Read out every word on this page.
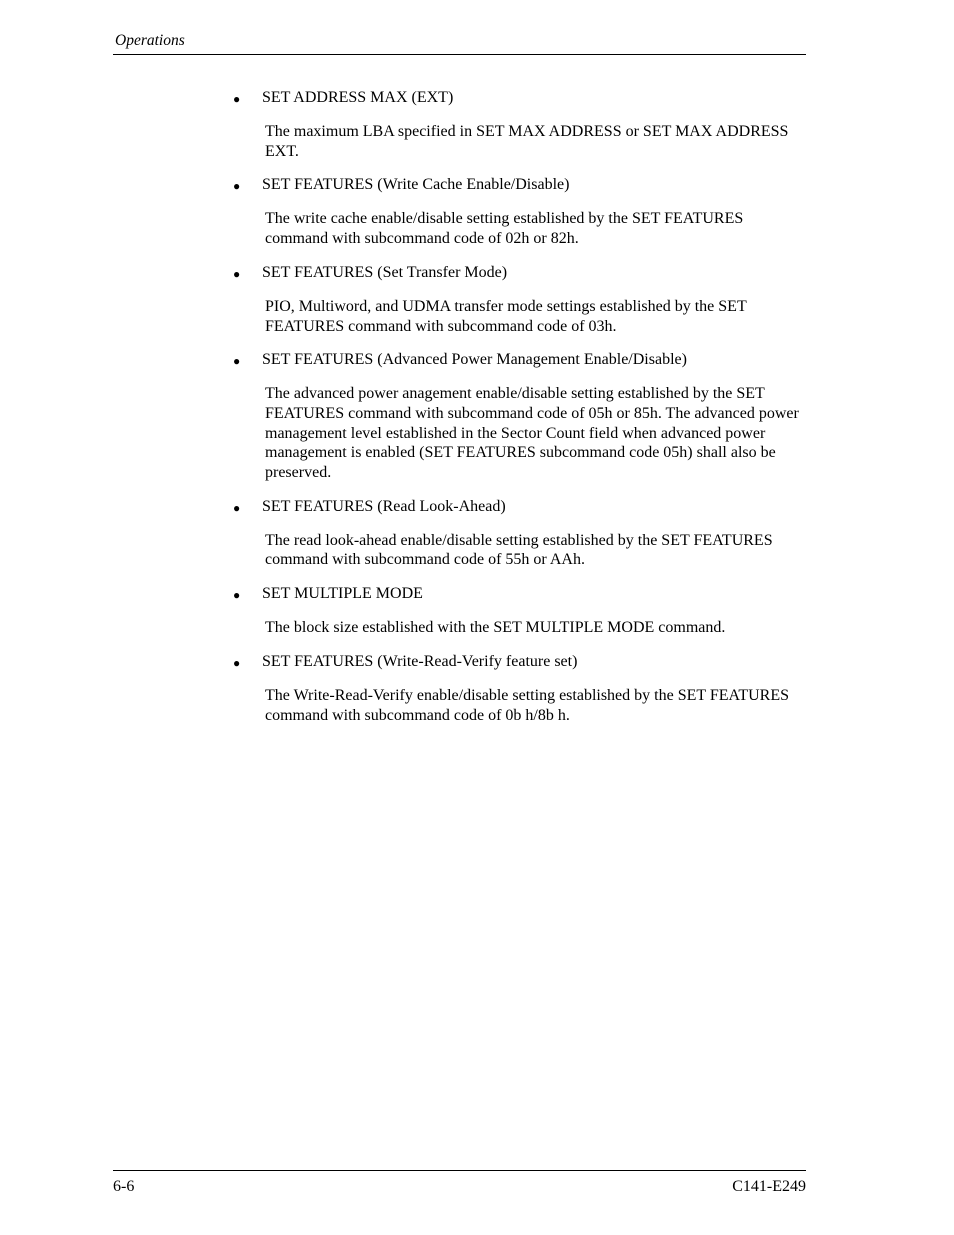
Operations
● SET ADDRESS MAX (EXT)

The maximum LBA specified in SET MAX ADDRESS or SET MAX ADDRESS EXT.

● SET FEATURES (Write Cache Enable/Disable)

The write cache enable/disable setting established by the SET FEATURES command with subcommand code of 02h or 82h.

● SET FEATURES (Set Transfer Mode)

PIO, Multiword, and UDMA transfer mode settings established by the SET FEATURES command with subcommand code of 03h.

● SET FEATURES (Advanced Power Management Enable/Disable)

The advanced power anagement enable/disable setting established by the SET FEATURES command with subcommand code of 05h or 85h. The advanced power management level established in the Sector Count field when advanced power management is enabled (SET FEATURES subcommand code 05h) shall also be preserved.

● SET FEATURES (Read Look-Ahead)

The read look-ahead enable/disable setting established by the SET FEATURES command with subcommand code of 55h or AAh.

● SET MULTIPLE MODE

The block size established with the SET MULTIPLE MODE command.

● SET FEATURES (Write-Read-Verify feature set)

The Write-Read-Verify enable/disable setting established by the SET FEATURES command with subcommand code of 0b h/8b h.

6-6	C141-E249
